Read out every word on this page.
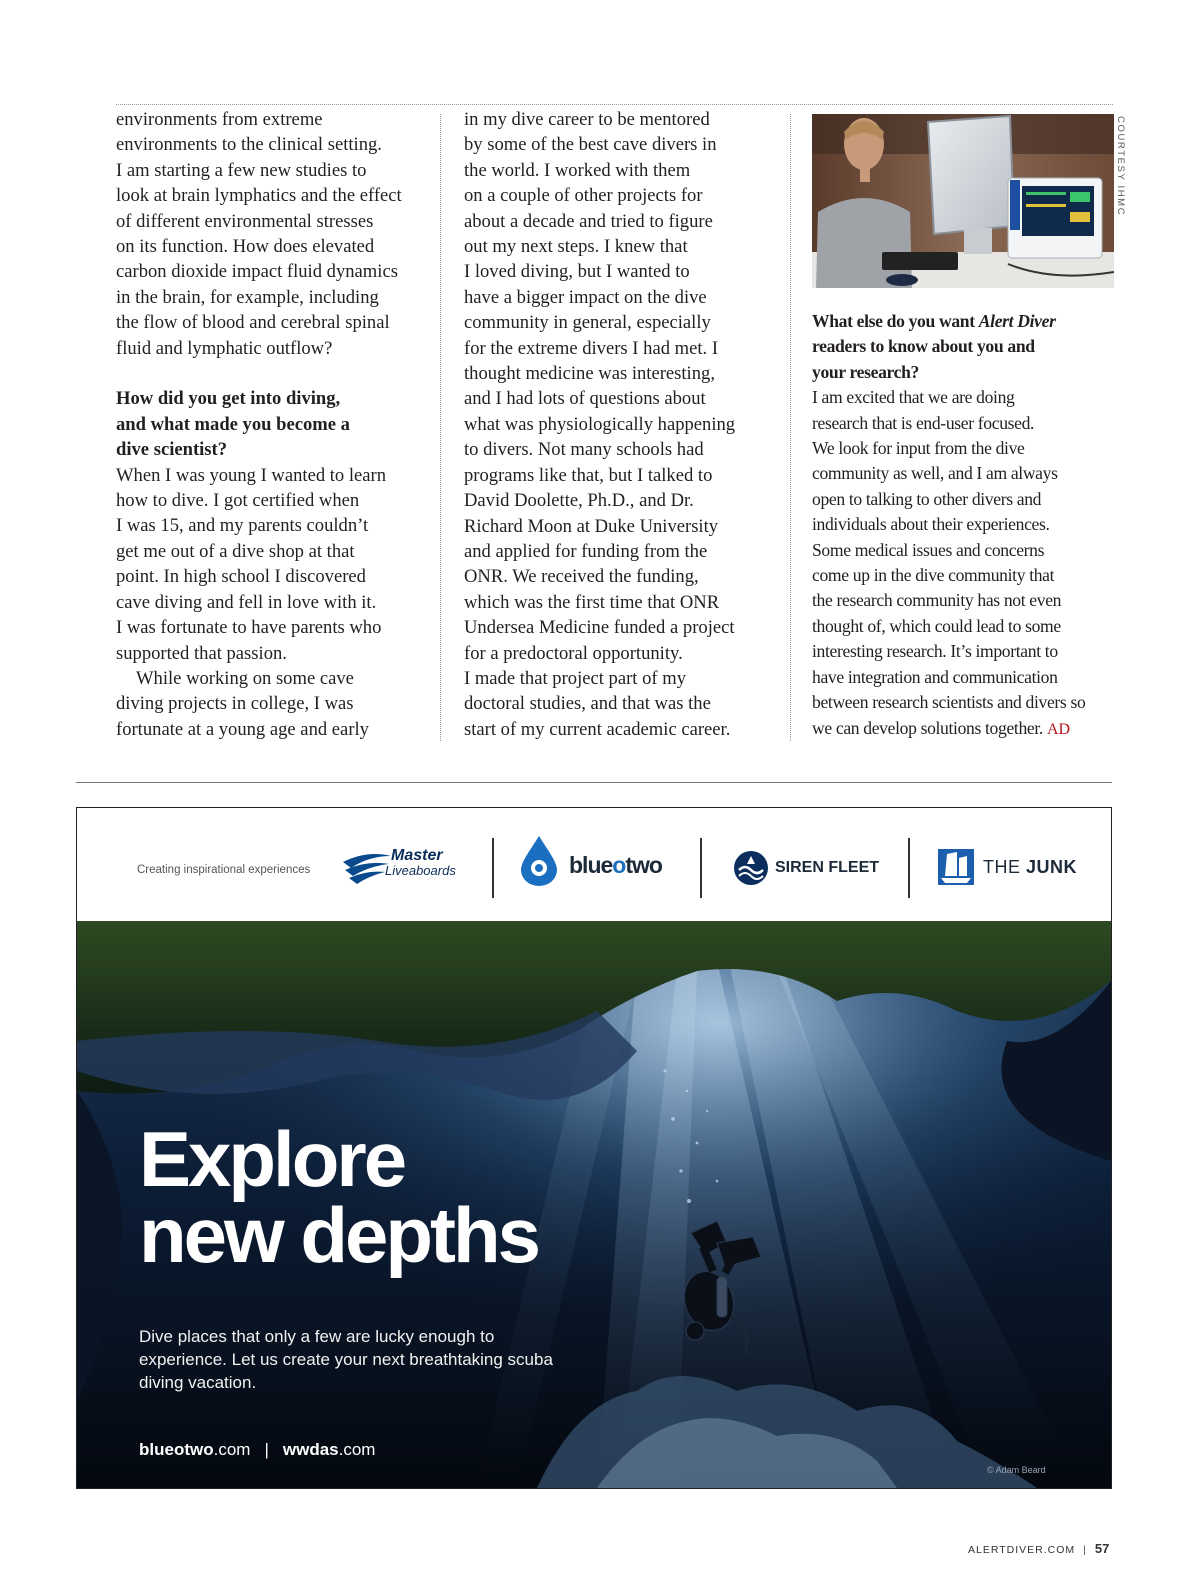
environments from extreme

environments to the clinical setting.

I am starting a few new studies to

look at brain lymphatics and the effect

of different environmental stresses

on its function. How does elevated

carbon dioxide impact fluid dynamics

in the brain, for example, including

the flow of blood and cerebral spinal

fluid and lymphatic outflow?

How did you get into diving,

and what made you become a

dive scientist?

When I was young I wanted to learn

how to dive. I got certified when

I was 15, and my parents couldn’t

get me out of a dive shop at that

point. In high school I discovered

cave diving and fell in love with it.

I was fortunate to have parents who

supported that passion.

While working on some cave

diving projects in college, I was

fortunate at a young age and early

in my dive career to be mentored

by some of the best cave divers in

the world. I worked with them

on a couple of other projects for

about a decade and tried to figure

out my next steps. I knew that

I loved diving, but I wanted to

have a bigger impact on the dive

community in general, especially

for the extreme divers I had met. I

thought medicine was interesting,

and I had lots of questions about

what was physiologically happening

to divers. Not many schools had

programs like that, but I talked to

David Doolette, Ph.D., and Dr.

Richard Moon at Duke University

and applied for funding from the

ONR. We received the funding,

which was the first time that ONR

Undersea Medicine funded a project

for a predoctoral opportunity.

I made that project part of my

doctoral studies, and that was the

start of my current academic career.

COURTESY IHMC

What else do you want Alert Diver

readers to know about you and

your research?

I am excited that we are doing

research that is end-user focused.

We look for input from the dive

community as well, and I am always

open to talking to other divers and

individuals about their experiences.

Some medical issues and concerns

come up in the dive community that

the research community has not even

thought of, which could lead to some

interesting research. It’s important to

have integration and communication

between research scientists and divers so

we can develop solutions together. AD

Creating inspirational experiences
Master
Liveaboards	blueotwo	SIREN FLEET	THE JUNK
Explore
new depths
Dive places that only a few are lucky enough to experience. Let us create your next breathtaking scuba diving vacation.
blueotwo.com | wwdas.com
© Adam Beard
ALERTDIVER.COM | 57
